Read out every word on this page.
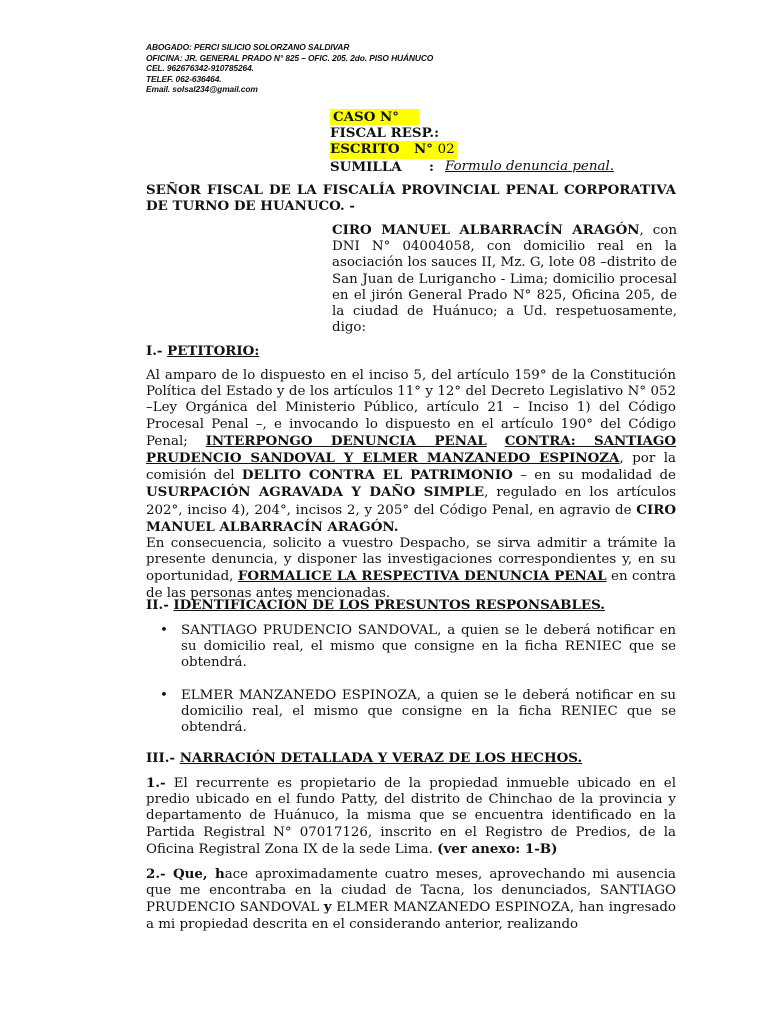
ABOGADO: PERCI SILICIO SOLORZANO SALDIVAR
OFICINA: JR. GENERAL PRADO N° 825 – OFIC. 205. 2do. PISO HUÁNUCO
CEL. 962676342-910785264.
TELEF. 062-636464.
Email. solsal234@gmail.com
CASO N°
FISCAL RESP.:
ESCRITO N° 02
SUMILLA	: Formulo denuncia penal.
SEÑOR FISCAL DE LA FISCALÍA PROVINCIAL PENAL CORPORATIVA DE TURNO DE HUANUCO. -
CIRO MANUEL ALBARRACÍN ARAGÓN, con DNI N° 04004058, con domicilio real en la asociación los sauces II, Mz. G, lote 08 –distrito de San Juan de Lurigancho - Lima; domicilio procesal en el jirón General Prado N° 825, Oficina 205, de la ciudad de Huánuco; a Ud. respetuosamente, digo:
I.- PETITORIO:

Al amparo de lo dispuesto en el inciso 5, del artículo 159° de la Constitución Política del Estado y de los artículos 11° y 12° del Decreto Legislativo N° 052 –Ley Orgánica del Ministerio Público, artículo 21 – Inciso 1) del Código Procesal Penal –, e invocando lo dispuesto en el artículo 190° del Código Penal; INTERPONGO DENUNCIA PENAL CONTRA: SANTIAGO PRUDENCIO SANDOVAL Y ELMER MANZANEDO ESPINOZA, por la comisión del DELITO CONTRA EL PATRIMONIO – en su modalidad de USURPACIÓN AGRAVADA Y DAÑO SIMPLE, regulado en los artículos 202°, inciso 4), 204°, incisos 2, y 205° del Código Penal, en agravio de CIRO MANUEL ALBARRACÍN ARAGÓN.

En consecuencia, solicito a vuestro Despacho, se sirva admitir a trámite la presente denuncia, y disponer las investigaciones correspondientes y, en su oportunidad, FORMALICE LA RESPECTIVA DENUNCIA PENAL en contra de las personas antes mencionadas.

II.- IDENTIFICACIÓN DE LOS PRESUNTOS RESPONSABLES.
• SANTIAGO PRUDENCIO SANDOVAL, a quien se le deberá notificar en su domicilio real, el mismo que consigne en la ficha RENIEC que se obtendrá.
• ELMER MANZANEDO ESPINOZA, a quien se le deberá notificar en su domicilio real, el mismo que consigne en la ficha RENIEC que se obtendrá.
III.- NARRACIÓN DETALLADA Y VERAZ DE LOS HECHOS.
1.- El recurrente es propietario de la propiedad inmueble ubicado en el predio ubicado en el fundo Patty, del distrito de Chinchao de la provincia y departamento de Huánuco, la misma que se encuentra identificado en la Partida Registral N° 07017126, inscrito en el Registro de Predios, de la Oficina Registral Zona IX de la sede Lima. (ver anexo: 1-B)
2.- Que, hace aproximadamente cuatro meses, aprovechando mi ausencia que me encontraba en la ciudad de Tacna, los denunciados, SANTIAGO PRUDENCIO SANDOVAL y ELMER MANZANEDO ESPINOZA, han ingresado a mi propiedad descrita en el considerando anterior, realizando
